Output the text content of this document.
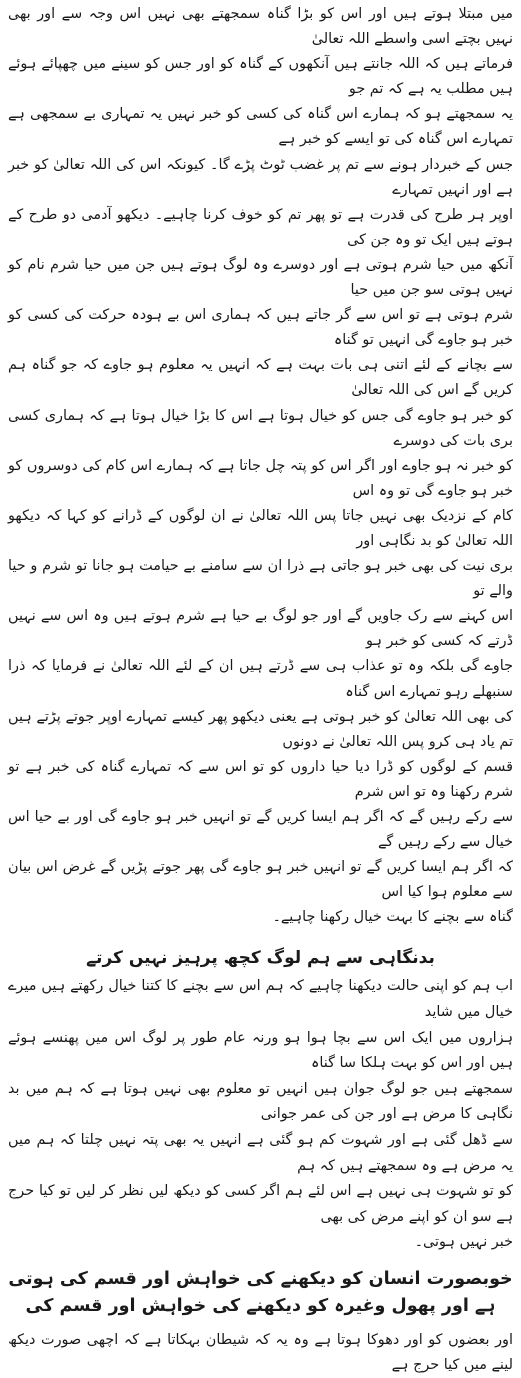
میں مبتلا ہوتے ہیں اور اس کو بڑا گناہ سمجھتے بھی نہیں اس وجہ سے اور بھی نہیں بچتے اسی واسطے اللہ تعالیٰ

فرماتے ہیں کہ اللہ جانتے ہیں آنکھوں کے گناہ کو اور جس کو سینے میں چھپائے ہوئے ہیں مطلب یہ ہے کہ تم جو

یہ سمجھتے ہو کہ ہمارے اس گناہ کی کسی کو خبر نہیں یہ تمہاری بے سمجھی ہے تمہارے اس گناہ کی تو ایسے کو خبر ہے

جس کے خبردار ہونے سے تم پر غضب ٹوٹ پڑے گا۔ کیونکہ اس کی اللہ تعالیٰ کو خبر ہے اور انہیں تمہارے

اوپر ہر طرح کی قدرت ہے تو پھر تم کو خوف کرنا چاہیے۔ دیکھو آدمی دو طرح کے ہوتے ہیں ایک تو وہ جن کی

آنکھ میں حیا شرم ہوتی ہے اور دوسرے وہ لوگ ہوتے ہیں جن میں حیا شرم نام کو نہیں ہوتی سو جن میں حیا

شرم ہوتی ہے تو اس سے گر جاتے ہیں کہ ہماری اس بے ہودہ حرکت کی کسی کو خبر ہو جاوے گی انہیں تو گناہ

سے بچانے کے لئے اتنی ہی بات بہت ہے کہ انہیں یہ معلوم ہو جاوے کہ جو گناہ ہم کریں گے اس کی اللہ تعالیٰ

کو خبر ہو جاوے گی جس کو خیال ہوتا ہے اس کا بڑا خیال ہوتا ہے کہ ہماری کسی بری بات کی دوسرے

کو خبر نہ ہو جاوے اور اگر اس کو پتہ چل جاتا ہے کہ ہمارے اس کام کی دوسروں کو خبر ہو جاوے گی تو وہ اس

کام کے نزدیک بھی نہیں جاتا پس اللہ تعالیٰ نے ان لوگوں کے ڈرانے کو کہا کہ دیکھو اللہ تعالیٰ کو بد نگاہی اور

بری نیت کی بھی خبر ہو جاتی ہے ذرا ان سے سامنے بے حیامت ہو جانا تو شرم و حیا والے تو

اس کہنے سے رک جاویں گے اور جو لوگ بے حیا ہے شرم ہوتے ہیں وہ اس سے نہیں ڈرتے کہ کسی کو خبر ہو

جاوے گی بلکہ وہ تو عذاب ہی سے ڈرتے ہیں ان کے لئے اللہ تعالیٰ نے فرمایا کہ ذرا سنبھلے رہو تمہارے اس گناہ

کی بھی اللہ تعالیٰ کو خبر ہوتی ہے یعنی دیکھو پھر کیسے تمہارے اوپر جوتے پڑتے ہیں تم یاد ہی کرو پس اللہ تعالیٰ نے دونوں

قسم کے لوگوں کو ڈرا دیا حیا داروں کو تو اس سے کہ تمہارے گناہ کی خبر ہے تو شرم رکھنا وہ تو اس شرم

سے رکے رہیں گے کہ اگر ہم ایسا کریں گے تو انہیں خبر ہو جاوے گی اور بے حیا اس خیال سے رکے رہیں گے

کہ اگر ہم ایسا کریں گے تو انہیں خبر ہو جاوے گی پھر جوتے پڑیں گے غرض اس بیان سے معلوم ہوا کیا اس

گناہ سے بچنے کا بہت خیال رکھنا چاہیے۔

بدنگاہی سے ہم لوگ کچھ پرہیز نہیں کرتے

اب ہم کو اپنی حالت دیکھنا چاہیے کہ ہم اس سے بچنے کا کتنا خیال رکھتے ہیں میرے خیال میں شاید

ہزاروں میں ایک اس سے بچا ہوا ہو ورنہ عام طور پر لوگ اس میں پھنسے ہوئے ہیں اور اس کو بہت ہلکا سا گناہ

سمجھتے ہیں جو لوگ جوان ہیں انہیں تو معلوم بھی نہیں ہوتا ہے کہ ہم میں بد نگاہی کا مرض ہے اور جن کی عمر جوانی

سے ڈھل گئی ہے اور شہوت کم ہو گئی ہے انہیں یہ بھی پتہ نہیں چلتا کہ ہم میں یہ مرض ہے وہ سمجھتے ہیں کہ ہم

کو تو شہوت ہی نہیں ہے اس لئے ہم اگر کسی کو دیکھ لیں نظر کر لیں تو کیا حرج ہے سو ان کو اپنے مرض کی بھی

خبر نہیں ہوتی۔

خوبصورت انسان کو دیکھنے کی خواہش اور قسم کی ہوتی ہے اور پھول وغیرہ کو دیکھنے کی خواہش اور قسم کی

اور بعضوں کو اور دھوکا ہوتا ہے وہ یہ کہ شیطان بہکاتا ہے کہ اچھی صورت دیکھ لینے میں کیا حرج ہے
